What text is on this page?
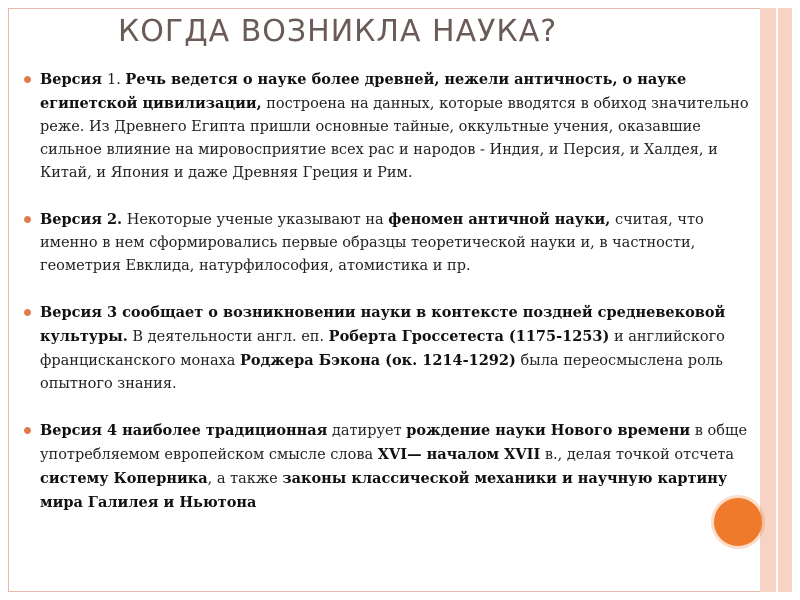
КОГДА ВОЗНИКЛА НАУКА?
Версия 1. Речь ведется о науке более древней, нежели античность, о науке египетской цивилизации, построена на данных, которые вводятся в обиход значительно реже. Из Древнего Египта пришли основные тайные, оккультные учения, оказавшие сильное влияние на мировосприятие всех рас и народов - Индия, и Персия, и Халдея, и Китай, и Япония и даже Древняя Греция и Рим.
Версия 2. Некоторые ученые указывают на феномен античной науки, считая, что именно в нем сформировались первые образцы теоретической науки и, в частности, геометрия Евклида, натурфилософия, атомистика и пр.
Версия 3 сообщает о возникновении науки в контексте поздней средневековой культуры. В деятельности англ. еп. Роберта Гроссетеста (1175-1253) и английского францисканского монаха Роджера Бэкона (ок. 1214-1292) была переосмыслена роль опытного знания.
Версия 4 наиболее традиционная датирует рождение науки Нового времени в обще употребляемом европейском смысле слова XVI— началом XVII в., делая точкой отсчета систему Коперника, а также законы классической механики и научную картину мира Галилея и Ньютона
